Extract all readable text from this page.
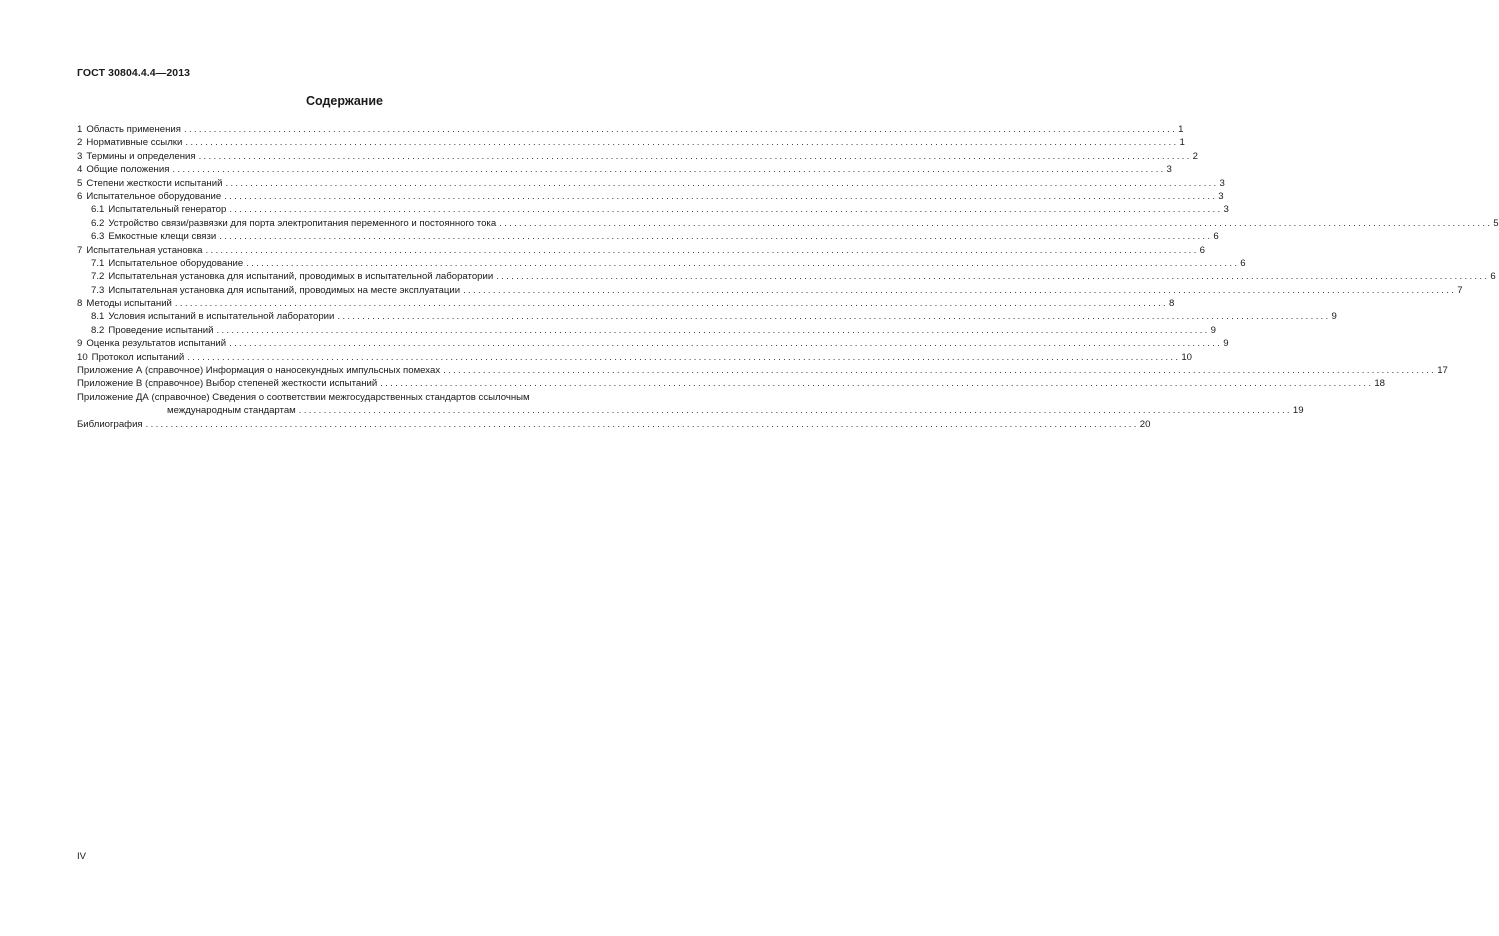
ГОСТ 30804.4.4—2013
Содержание
1 Область применения ........................................................................................................................................................................................................ 1
2 Нормативные ссылки ........................................................................................................................................................................................................ 1
3 Термины и определения ........................................................................................................................................................................................................ 2
4 Общие положения ........................................................................................................................................................................................................ 3
5 Степени жесткости испытаний ........................................................................................................................................................................................................ 3
6 Испытательное оборудование ........................................................................................................................................................................................................ 3
6.1 Испытательный генератор ........................................................................................................................................................................................................ 3
6.2 Устройство связи/развязки для порта электропитания переменного и постоянного тока ........................................................................................................................................................................................................ 5
6.3 Емкостные клещи связи ........................................................................................................................................................................................................ 6
7 Испытательная установка ........................................................................................................................................................................................................ 6
7.1 Испытательное оборудование ........................................................................................................................................................................................................ 6
7.2 Испытательная установка для испытаний, проводимых в испытательной лаборатории ........................................................................................................................................................................................................ 6
7.3 Испытательная установка для испытаний, проводимых на месте эксплуатации ........................................................................................................................................................................................................ 7
8 Методы испытаний ........................................................................................................................................................................................................ 8
8.1 Условия испытаний в испытательной лаборатории ........................................................................................................................................................................................................ 9
8.2 Проведение испытаний ........................................................................................................................................................................................................ 9
9 Оценка результатов испытаний ........................................................................................................................................................................................................ 9
10 Протокол испытаний ........................................................................................................................................................................................................ 10
Приложение А (справочное) Информация о наносекундных импульсных помехах ........................................................................................................................................................................................................ 17
Приложение В (справочное) Выбор степеней жесткости испытаний ........................................................................................................................................................................................................ 18
Приложение ДА (справочное) Сведения о соответствии межгосударственных стандартов ссылочным
международным стандартам ........................................................................................................................................................................................................ 19
Библиография ........................................................................................................................................................................................................ 20
IV
